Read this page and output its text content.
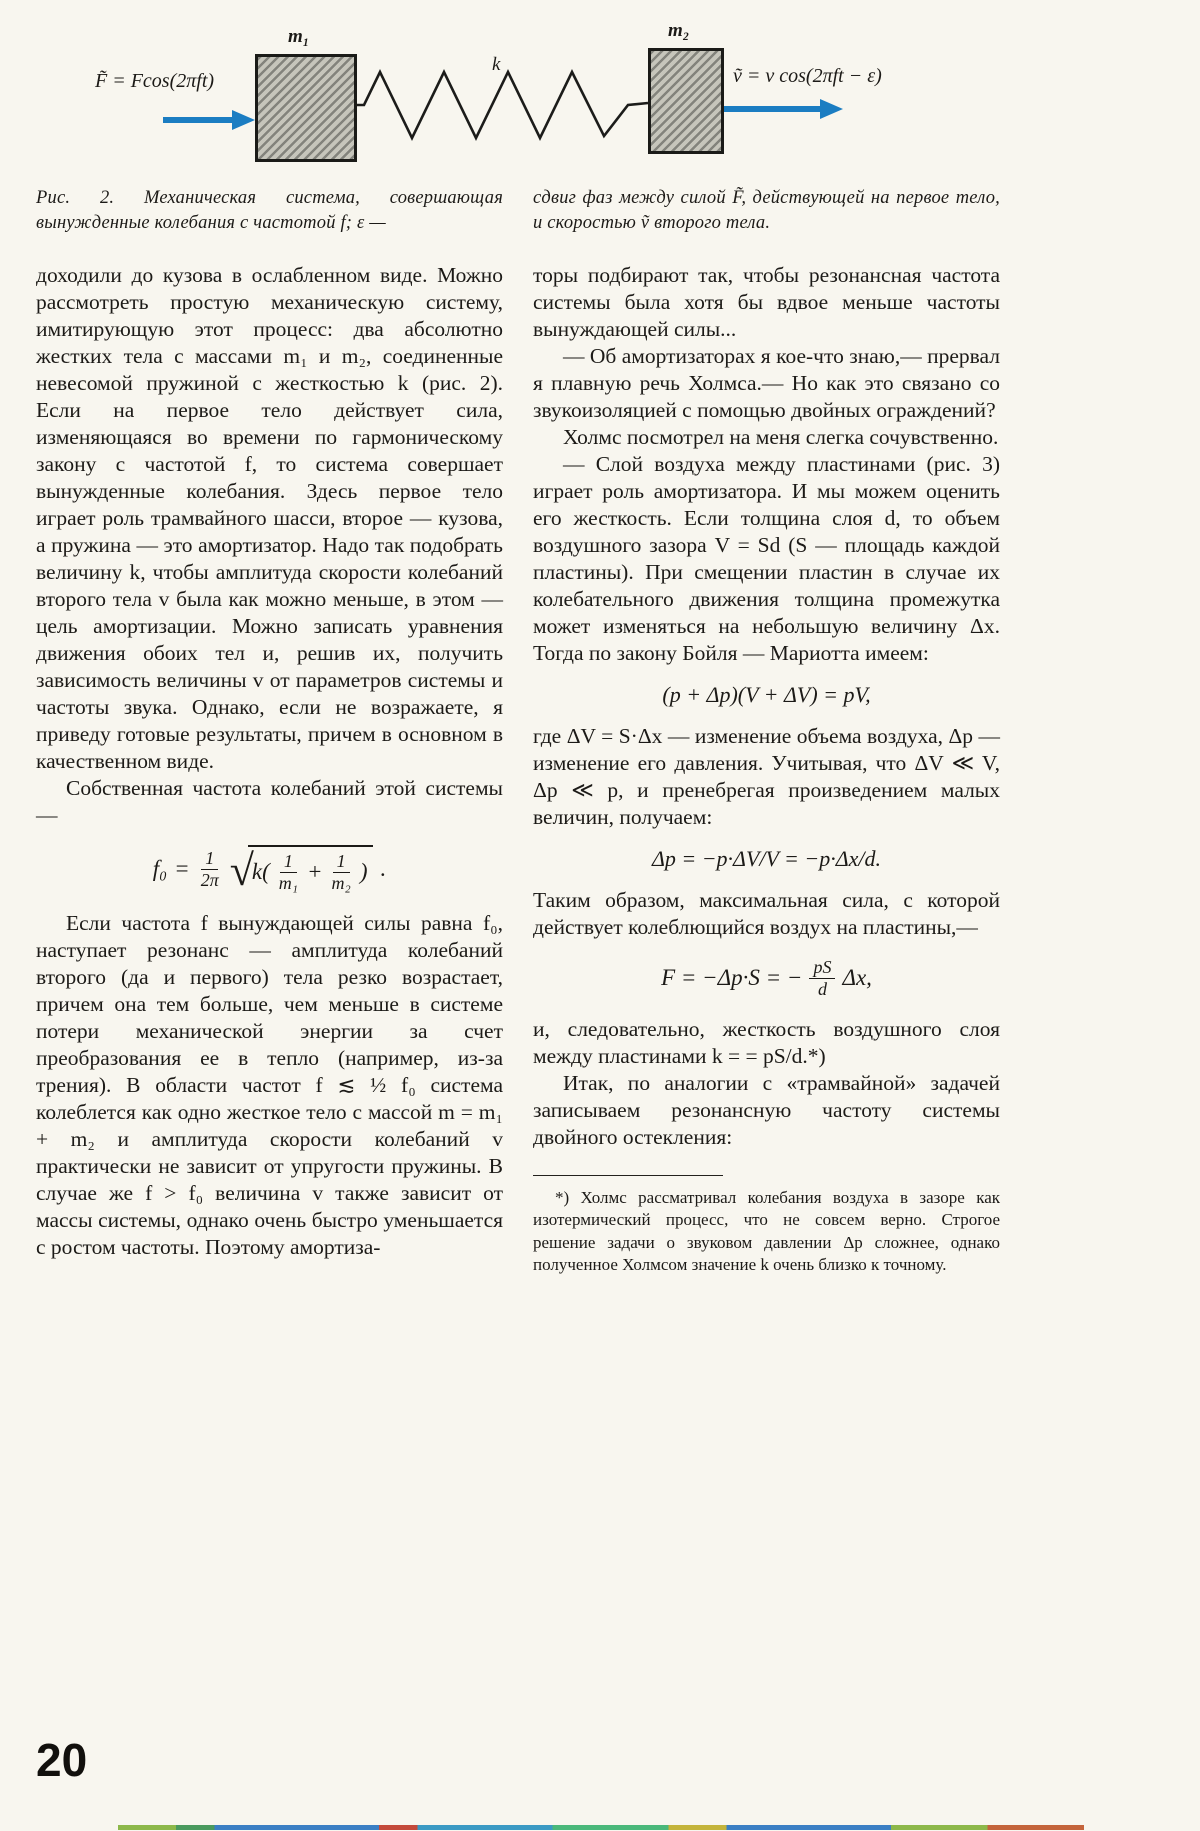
F̃ = Fcos(2πft)
m₁	m₂
k
ṽ = v cos(2πft − ε)

Рис. 2. Механическая система, совершающая вынужденные колебания с частотой f; ε —

доходили до кузова в ослабленном виде. Можно рассмотреть простую механическую систему, имитирующую этот процесс: два абсолютно жестких тела с массами m₁ и m₂, соединенные невесомой пружиной с жесткостью k (рис. 2). Если на первое тело действует сила, изменяющаяся во времени по гармоническому закону с частотой f, то система совершает вынужденные колебания. Здесь первое тело играет роль трамвайного шасси, второе — кузова, а пружина — это амортизатор. Надо так подобрать величину k, чтобы амплитуда скорости колебаний второго тела v была как можно меньше, в этом — цель амортизации. Можно записать уравнения движения обоих тел и, решив их, получить зависимость величины v от параметров системы и частоты звука. Однако, если не возражаете, я приведу готовые результаты, причем в основном в качественном виде.

Собственная частота колебаний этой системы —

$f_0 = \frac{1}{2\pi}$ √
$k( \frac{1}{\text{m₁}} + \frac{1}{\text{m₂}}$ ) .

Если частота f вынуждающей силы равна f₀, наступает резонанс — амплитуда колебаний второго (да и первого) тела резко возрастает, причем она тем больше, чем меньше в системе потери механической энергии за счет преобразования ее в тепло (например, из-за трения). В области частот f ≲ ½ f₀ система колеблется как одно жесткое тело с массой m = m₁ + m₂ и амплитуда скорости колебаний v практически не зависит от упругости пружины. В случае же f > f₀ величина v также зависит от массы системы, однако очень быстро уменьшается с ростом частоты. Поэтому амортиза-

сдвиг фаз между силой F̃, действующей на первое тело, и скоростью ṽ второго тела.

торы подбирают так, чтобы резонансная частота системы была хотя бы вдвое меньше частоты вынуждающей силы...

— Об амортизаторах я кое-что знаю,— прервал я плавную речь Холмса.— Но как это связано со звукоизоляцией с помощью двойных ограждений?

Холмс посмотрел на меня слегка сочувственно.

— Слой воздуха между пластинами (рис. 3) играет роль амортизатора. И мы можем оценить его жесткость. Если толщина слоя d, то объем воздушного зазора V = Sd (S — площадь каждой пластины). При смещении пластин в случае их колебательного движения толщина промежутка может изменяться на небольшую величину Δx. Тогда по закону Бойля — Мариотта имеем:

(p + Δp)(V + ΔV) = pV,

где ΔV = S·Δx — изменение объема воздуха, Δp — изменение его давления. Учитывая, что ΔV ≪ V, Δp ≪ p, и пренебрегая произведением малых величин, получаем:

Δp = −p·ΔV/V = −p·Δx/d.

Таким образом, максимальная сила, с которой действует колеблющийся воздух на пластины,—

F = −Δp·S = − $\frac{pS}{d} \Delta x$,

и, следовательно, жесткость воздушного слоя между пластинами k = = pS/d.*)

Итак, по аналогии с «трамвайной» задачей записываем резонансную частоту системы двойного остекления:

*) Холмс рассматривал колебания воздуха в зазоре как изотермический процесс, что не совсем верно. Строгое решение задачи о звуковом давлении Δp сложнее, однако полученное Холмсом значение k очень близко к точному.

20
